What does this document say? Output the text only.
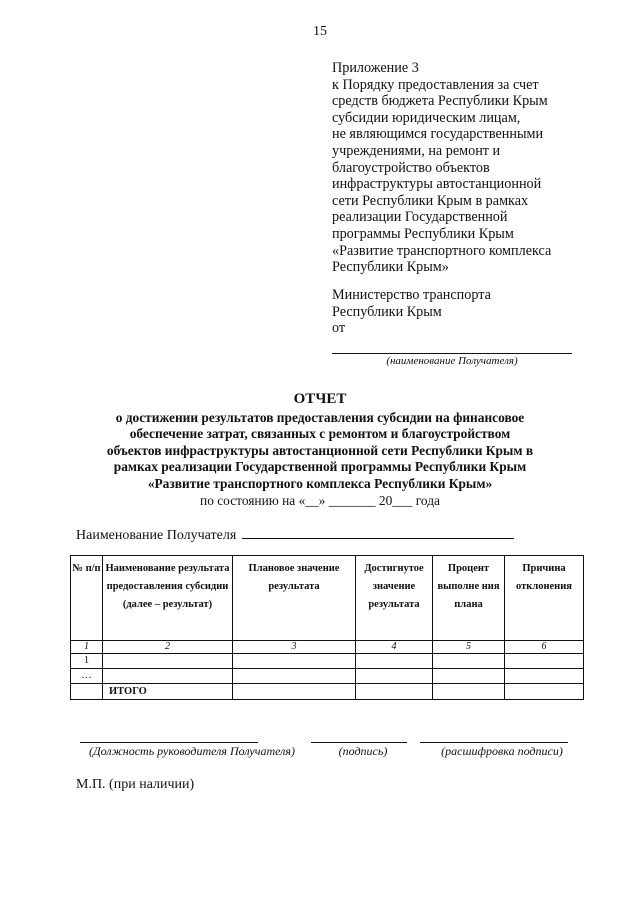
15
Приложение 3
к Порядку предоставления за счет
средств бюджета Республики Крым
субсидии юридическим лицам,
не являющимся государственными
учреждениями, на ремонт и
благоустройство объектов
инфраструктуры автостанционной
сети Республики Крым в рамках
реализации Государственной
программы Республики Крым
«Развитие транспортного комплекса
Республики Крым»
Министерство транспорта
Республики Крым
от
(наименование Получателя)
ОТЧЕТ
о достижении результатов предоставления субсидии на финансовое
обеспечение затрат, связанных с ремонтом и благоустройством
объектов инфраструктуры автостанционной сети Республики Крым в
рамках реализации Государственной программы Республики Крым
«Развитие транспортного комплекса Республики Крым»
по состоянию на «__» _______ 20___ года
Наименование Получателя
№ п/п	Наименование результата предоставления субсидии (далее – результат)	Плановое значение результата	Достигнутое значение результата	Процент выполне ния плана	Причина отклонения
1	2	3	4	5	6
1					
…					
	ИТОГО				
(Должность руководителя Получателя)	(подпись)	(расшифровка подписи)
М.П. (при наличии)
